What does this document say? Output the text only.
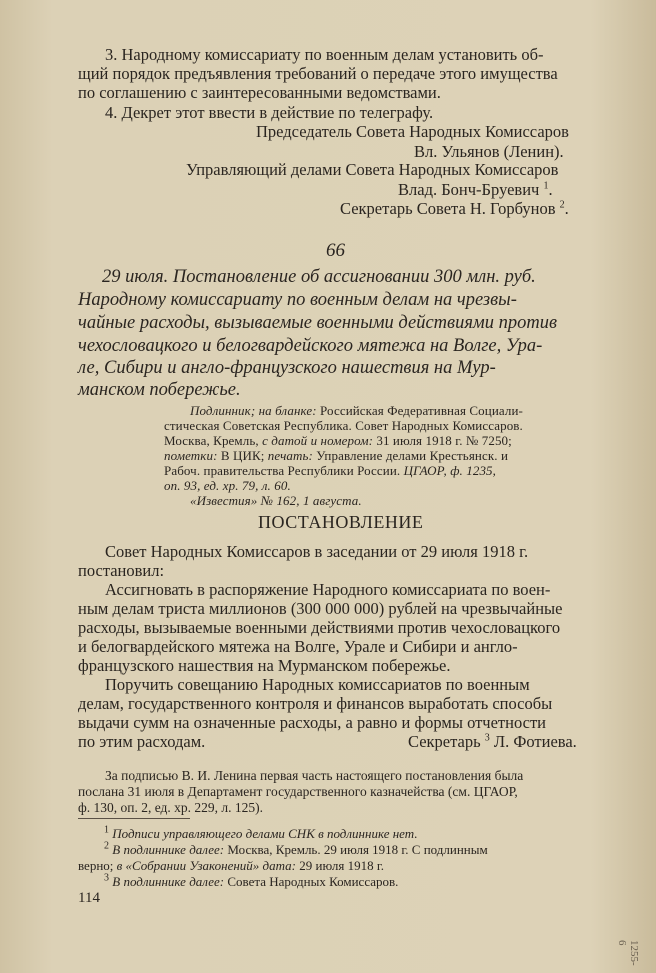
3. Народному комиссариату по военным делам установить об-

щий порядок предъявления требований о передаче этого имущества

по соглашению с заинтересованными ведомствами.

4. Декрет этот ввести в действие по телеграфу.

Председатель Совета Народных Комиссаров
Вл. Ульянов (Ленин).
Управляющий делами Совета Народных Комиссаров
Влад. Бонч-Бруевич $^1$.
Секретарь Совета Н. Горбунов $^2$.
66
29 июля. Постановление об ассигновании 300 млн. руб.
Народному комиссариату по военным делам на чрезвы-
чайные расходы, вызываемые военными действиями против
чехословацкого и белогвардейского мятежа на Волге, Ура-
ле, Сибири и англо-французского нашествия на Мур-
манском побережье.
Подлинник; на бланке: Российская Федеративная Социали-
стическая Советская Республика. Совет Народных Комиссаров.
Москва, Кремль, с датой и номером: 31 июля 1918 г. № 7250;
пометки: В ЦИК; печать: Управление делами Крестьянск. и
Рабоч. правительства Республики России. ЦГАОР, ф. 1235,
оп. 93, ед. хр. 79, л. 60.
«Известия» № 162, 1 августа.
ПОСТАНОВЛЕНИЕ

Совет Народных Комиссаров в заседании от 29 июля 1918 г.

постановил:

Ассигновать в распоряжение Народного комиссариата по воен-

ным делам триста миллионов (300 000 000) рублей на чрезвычайные

расходы, вызываемые военными действиями против чехословацкого

и белогвардейского мятежа на Волге, Урале и Сибири и англо-

французского нашествия на Мурманском побережье.

Поручить совещанию Народных комиссариатов по военным

делам, государственного контроля и финансов выработать способы

выдачи сумм на означенные расходы, а равно и формы отчетности

по этим расходам.	Секретарь $^3$ Л. Фотиева.
За подписью В. И. Ленина первая часть настоящего постановления была
послана 31 июля в Департамент государственного казначейства (см. ЦГАОР,
ф. 130, оп. 2, ед. хр. 229, л. 125).
$^1$ Подписи управляющего делами СНК в подлиннике нет.
$^2$ В подлиннике далее: Москва, Кремль. 29 июля 1918 г. С подлинным
верно; в «Собрании Узаконений» дата: 29 июля 1918 г.
$^3$ В подлиннике далее: Совета Народных Комиссаров.
114
1255-6
